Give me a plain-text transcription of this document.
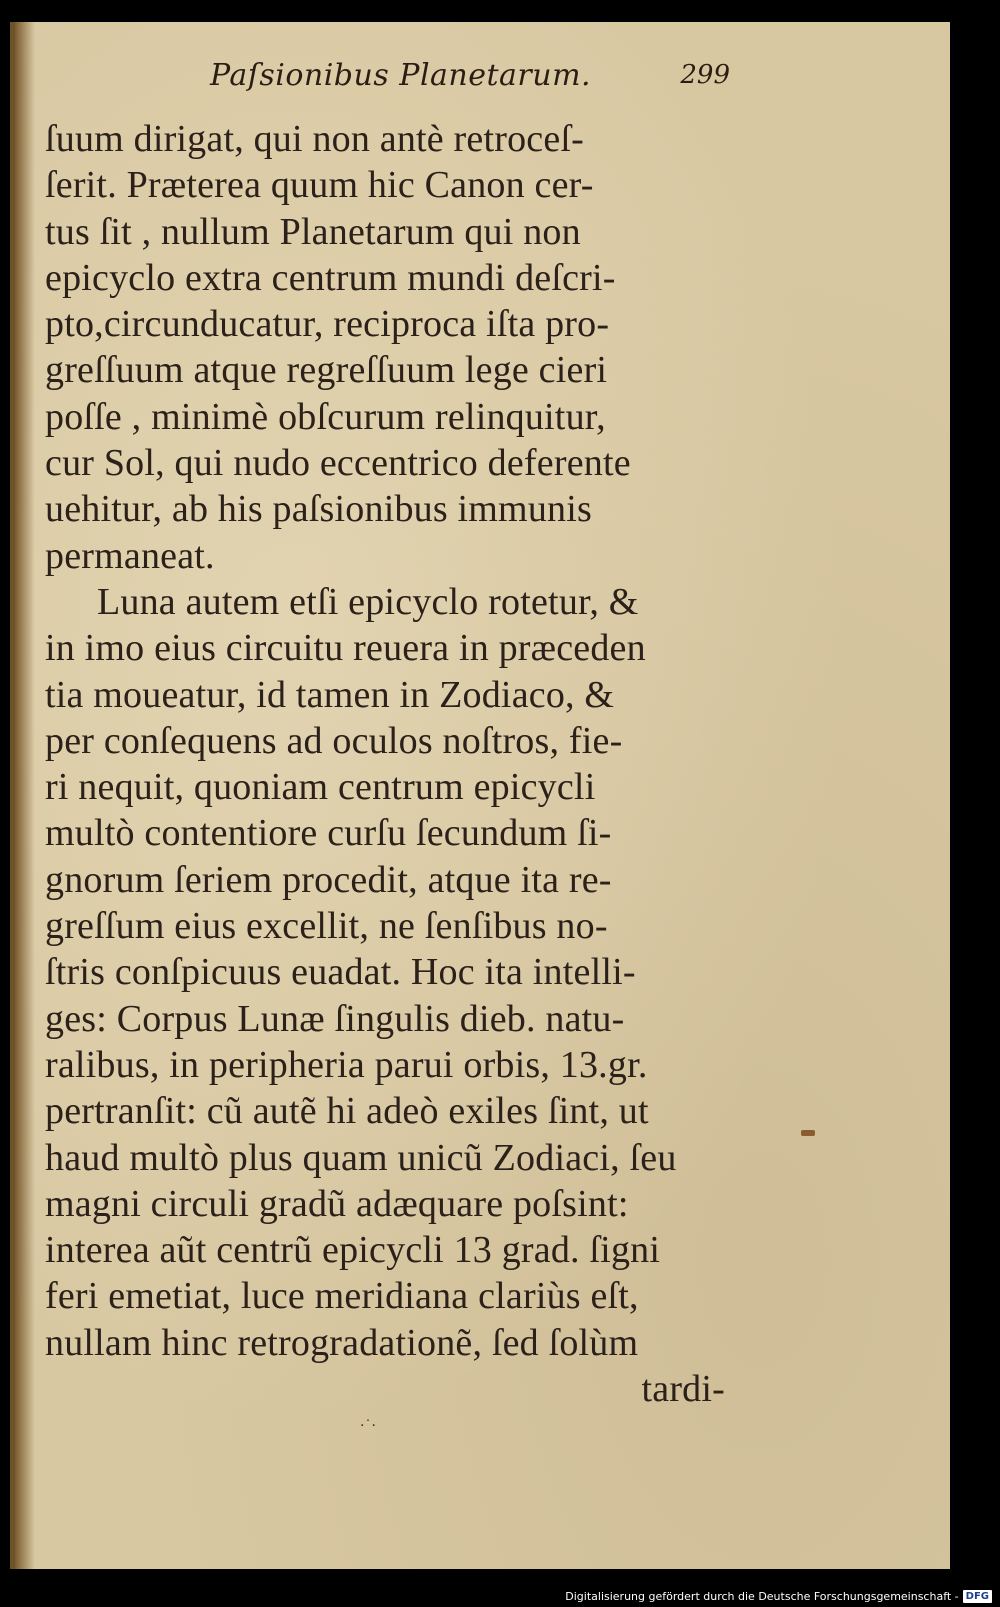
Paſsionibus Planetarum.	299
ſuum dirigat, qui non antè retroceſ-
ſerit. Præterea quum hic Canon cer-
tus ſit , nullum Planetarum qui non
epicyclo extra centrum mundi deſcri-
pto,circunducatur, reciproca iſta pro-
greſſuum atque regreſſuum lege cieri
poſſe , minimè obſcurum relinquitur,
cur Sol, qui nudo eccentrico deferente
uehitur, ab his paſsionibus immunis
permaneat.
Luna autem etſi epicyclo rotetur, &
in imo eius circuitu reuera in præceden
tia moueatur, id tamen in Zodiaco, &
per conſequens ad oculos noſtros, fie-
ri nequit, quoniam centrum epicycli
multò contentiore curſu ſecundum ſi-
gnorum ſeriem procedit, atque ita re-
greſſum eius excellit, ne ſenſibus no-
ſtris conſpicuus euadat. Hoc ita intelli-
ges: Corpus Lunæ ſingulis dieb. natu-
ralibus, in peripheria parui orbis, 13.gr.
pertranſit: cũ autẽ hi adeò exiles ſint, ut
haud multò plus quam unicũ Zodiaci, ſeu
magni circuli gradũ adæquare poſsint:
interea aũt centrũ epicycli 13 grad. ſigni
feri emetiat, luce meridiana clariùs eſt,
nullam hinc retrogradationẽ, ſed ſolùm
tardi-
·˙·
Digitalisierung gefördert durch die Deutsche Forschungsgemeinschaft - DFG
